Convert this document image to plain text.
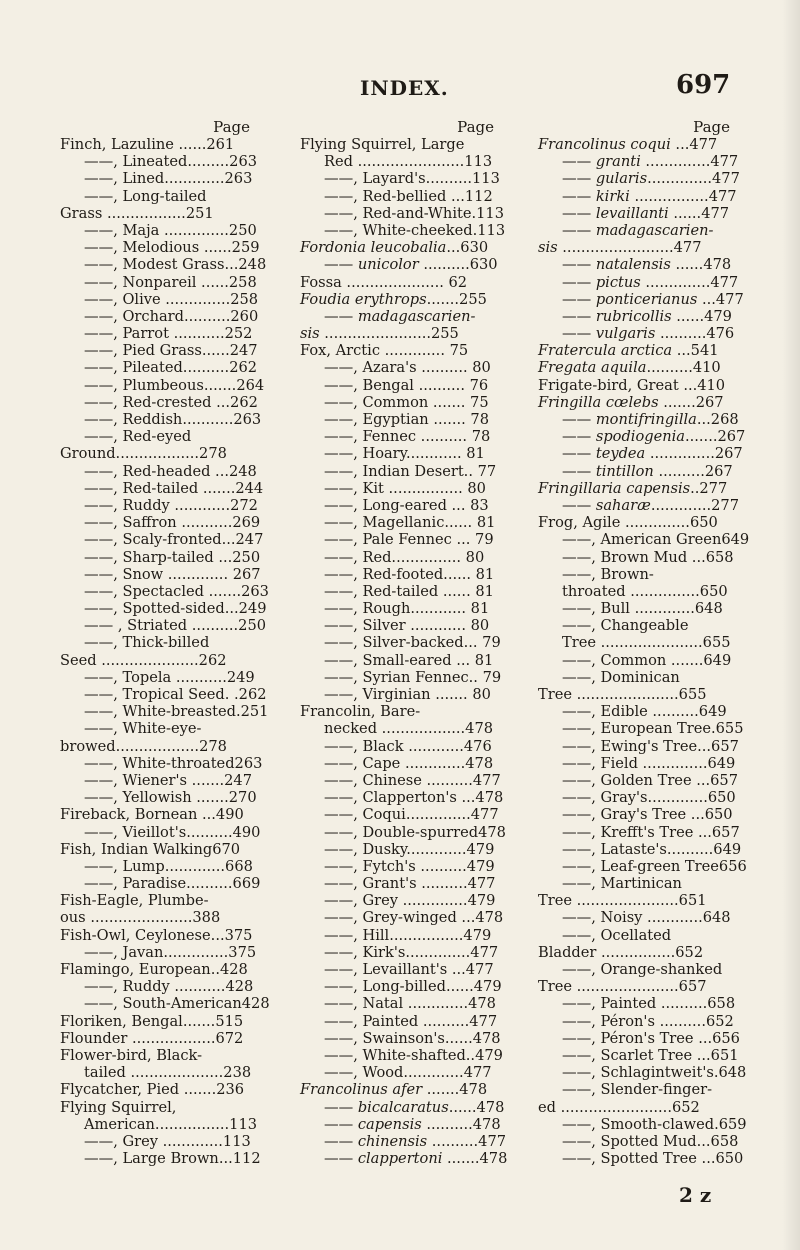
INDEX.	697
Page
Finch, Lazuline ......261
——, Lineated.........263
——, Lined.............263
——, Long-tailed
Grass .................251
——, Maja ..............250
——, Melodious ......259
——, Modest Grass...248
——, Nonpareil ......258
——, Olive ..............258
——, Orchard..........260
——, Parrot ...........252
——, Pied Grass......247
——, Pileated..........262
——, Plumbeous.......264
——, Red-crested ...262
——, Reddish...........263
——, Red-eyed
Ground..................278
——, Red-headed ...248
——, Red-tailed .......244
——, Ruddy ............272
——, Saffron ...........269
——, Scaly-fronted...247
——, Sharp-tailed ...250
——, Snow ............. 267
——, Spectacled .......263
——, Spotted-sided...249
—— , Striated ..........250
——, Thick-billed
Seed .....................262
——, Topela ...........249
——, Tropical Seed. .262
——, White-breasted.251
——, White-eye-
browed..................278
——, White-throated263
——, Wiener's .......247
——, Yellowish .......270
Fireback, Bornean ...490
——, Vieillot's..........490
Fish, Indian Walking670
——, Lump.............668
——, Paradise..........669
Fish-Eagle, Plumbe-
ous ......................388
Fish-Owl, Ceylonese...375
——, Javan..............375
Flamingo, European..428
——, Ruddy ...........428
——, South-American428
Floriken, Bengal.......515
Flounder ..................672
Flower-bird, Black-
tailed ....................238
Flycatcher, Pied .......236
Flying Squirrel,
American................113
——, Grey .............113
——, Large Brown...112
Page
Flying Squirrel, Large
Red .......................113
——, Layard's..........113
——, Red-bellied ...112
——, Red-and-White.113
——, White-cheeked.113
Fordonia leucobalia...630
—— unicolor ..........630
Fossa ..................... 62
Foudia erythrops.......255
—— madagascarien-
sis .......................255
Fox, Arctic ............. 75
——, Azara's .......... 80
——, Bengal .......... 76
——, Common ....... 75
——, Egyptian ....... 78
——, Fennec .......... 78
——, Hoary............ 81
——, Indian Desert.. 77
——, Kit ................ 80
——, Long-eared ... 83
——, Magellanic...... 81
——, Pale Fennec ... 79
——, Red............... 80
——, Red-footed...... 81
——, Red-tailed ...... 81
——, Rough............ 81
——, Silver ............ 80
——, Silver-backed... 79
——, Small-eared ... 81
——, Syrian Fennec.. 79
——, Virginian ....... 80
Francolin, Bare-
necked ..................478
——, Black ............476
——, Cape .............478
——, Chinese ..........477
——, Clapperton's ...478
——, Coqui..............477
——, Double-spurred478
——, Dusky.............479
——, Fytch's ..........479
——, Grant's ..........477
——, Grey ..............479
——, Grey-winged ...478
——, Hill................479
——, Kirk's..............477
——, Levaillant's ...477
——, Long-billed......479
——, Natal .............478
——, Painted ..........477
——, Swainson's......478
——, White-shafted..479
——, Wood.............477
Francolinus afer .......478
—— bicalcaratus......478
—— capensis ..........478
—— chinensis ..........477
—— clappertoni .......478
Page
Francolinus coqui ...477
—— granti ..............477
—— gularis..............477
—— kirki ................477
—— levaillanti ......477
—— madagascarien-
sis ........................477
—— natalensis ......478
—— pictus ..............477
—— ponticerianus ...477
—— rubricollis ......479
—— vulgaris ..........476
Fratercula arctica ...541
Fregata aquila..........410
Frigate-bird, Great ...410
Fringilla cœlebs .......267
—— montifringilla...268
—— spodiogenia.......267
—— teydea ..............267
—— tintillon ..........267
Fringillaria capensis..277
—— saharæ.............277
Frog, Agile ..............650
——, American Green649
——, Brown Mud ...658
——, Brown-
throated ...............650
——, Bull .............648
——, Changeable
Tree ......................655
——, Common .......649
——, Dominican
Tree ......................655
——, Edible ..........649
——, European Tree.655
——, Ewing's Tree...657
——, Field ..............649
——, Golden Tree ...657
——, Gray's.............650
——, Gray's Tree ...650
——, Krefft's Tree ...657
——, Lataste's..........649
——, Leaf-green Tree656
——, Martinican
Tree ......................651
——, Noisy ............648
——, Ocellated
Bladder ................652
——, Orange-shanked
Tree ......................657
——, Painted ..........658
——, Péron's ..........652
——, Péron's Tree ...656
——, Scarlet Tree ...651
——, Schlagintweit's.648
——, Slender-finger-
ed ........................652
——, Smooth-clawed.659
——, Spotted Mud...658
——, Spotted Tree ...650
2 z
